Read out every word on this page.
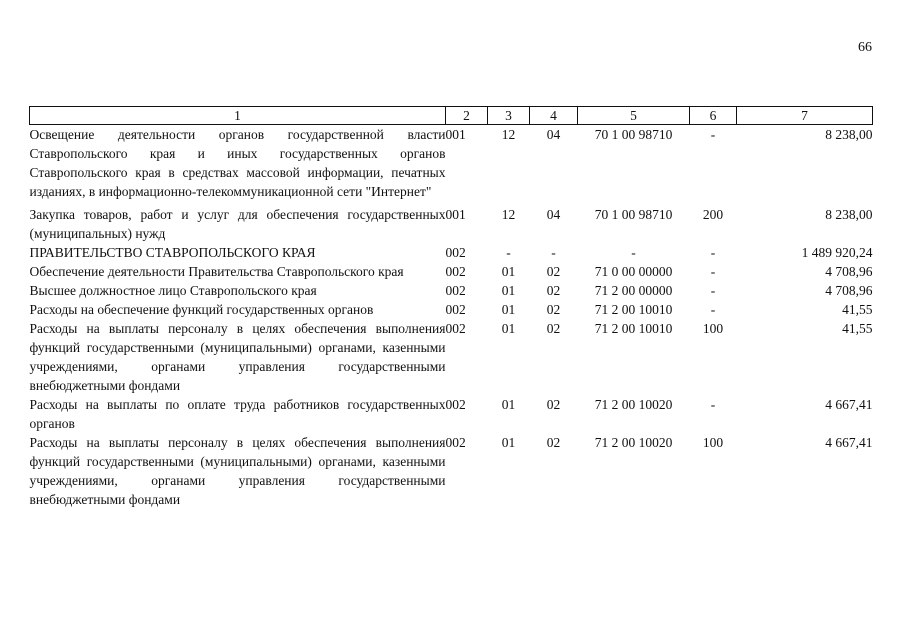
66
1	2	3	4	5	6	7
Освещение деятельности органов государственной власти Ставропольского края и иных государственных органов Ставропольского края в средствах массовой информации, печатных изданиях, в информационно-телекоммуникационной сети "Интернет"	001	12	04	70 1 00 98710	-	8 238,00
Закупка товаров, работ и услуг для обеспечения государственных (муниципальных) нужд	001	12	04	70 1 00 98710	200	8 238,00
ПРАВИТЕЛЬСТВО СТАВРОПОЛЬСКОГО КРАЯ	002	-	-	-	-	1 489 920,24
Обеспечение деятельности Правительства Ставропольского края	002	01	02	71 0 00 00000	-	4 708,96
Высшее должностное лицо Ставропольского края	002	01	02	71 2 00 00000	-	4 708,96
Расходы на обеспечение функций государственных органов	002	01	02	71 2 00 10010	-	41,55
Расходы на выплаты персоналу в целях обеспечения выполнения функций государственными (муниципальными) органами, казенными учреждениями, органами управления государственными внебюджетными фондами	002	01	02	71 2 00 10010	100	41,55
Расходы на выплаты по оплате труда работников государственных органов	002	01	02	71 2 00 10020	-	4 667,41
Расходы на выплаты персоналу в целях обеспечения выполнения функций государственными (муниципальными) органами, казенными учреждениями, органами управления государственными внебюджетными фондами	002	01	02	71 2 00 10020	100	4 667,41
